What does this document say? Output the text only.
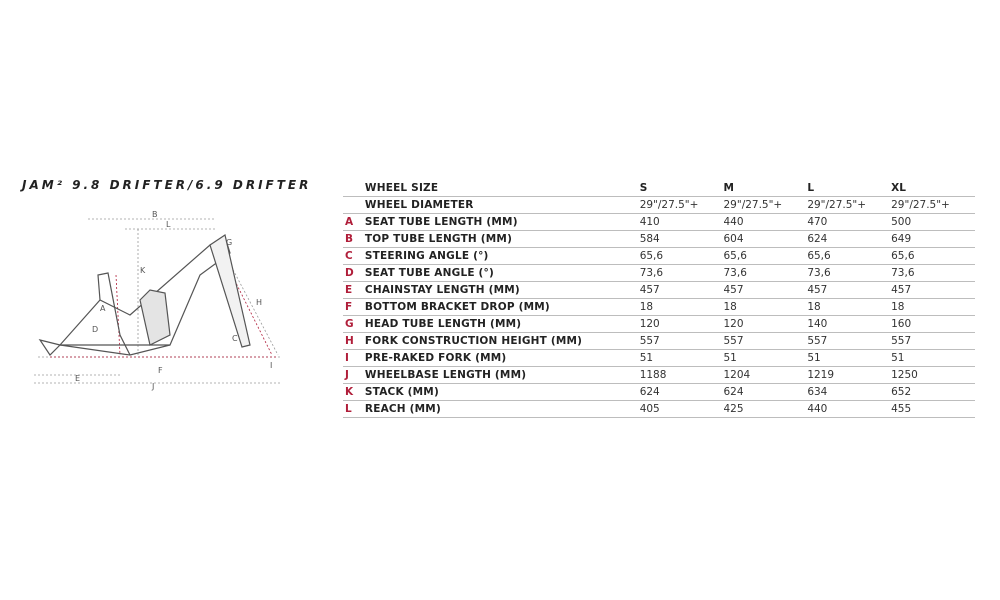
JAM² 9.8 DRIFTER/6.9 DRIFTER
B
L
K
A
D
G
H
C
I
F
E
J
	WHEEL SIZE	S	M	L	XL
	WHEEL DIAMETER	29"/27.5"+	29"/27.5"+	29"/27.5"+	29"/27.5"+
A	SEAT TUBE LENGTH (MM)	410	440	470	500
B	TOP TUBE LENGTH (MM)	584	604	624	649
C	STEERING ANGLE (°)	65,6	65,6	65,6	65,6
D	SEAT TUBE ANGLE (°)	73,6	73,6	73,6	73,6
E	CHAINSTAY LENGTH (MM)	457	457	457	457
F	BOTTOM BRACKET DROP (MM)	18	18	18	18
G	HEAD TUBE LENGTH (MM)	120	120	140	160
H	FORK CONSTRUCTION HEIGHT (MM)	557	557	557	557
I	PRE-RAKED FORK (MM)	51	51	51	51
J	WHEELBASE LENGTH (MM)	1188	1204	1219	1250
K	STACK (MM)	624	624	634	652
L	REACH (MM)	405	425	440	455
